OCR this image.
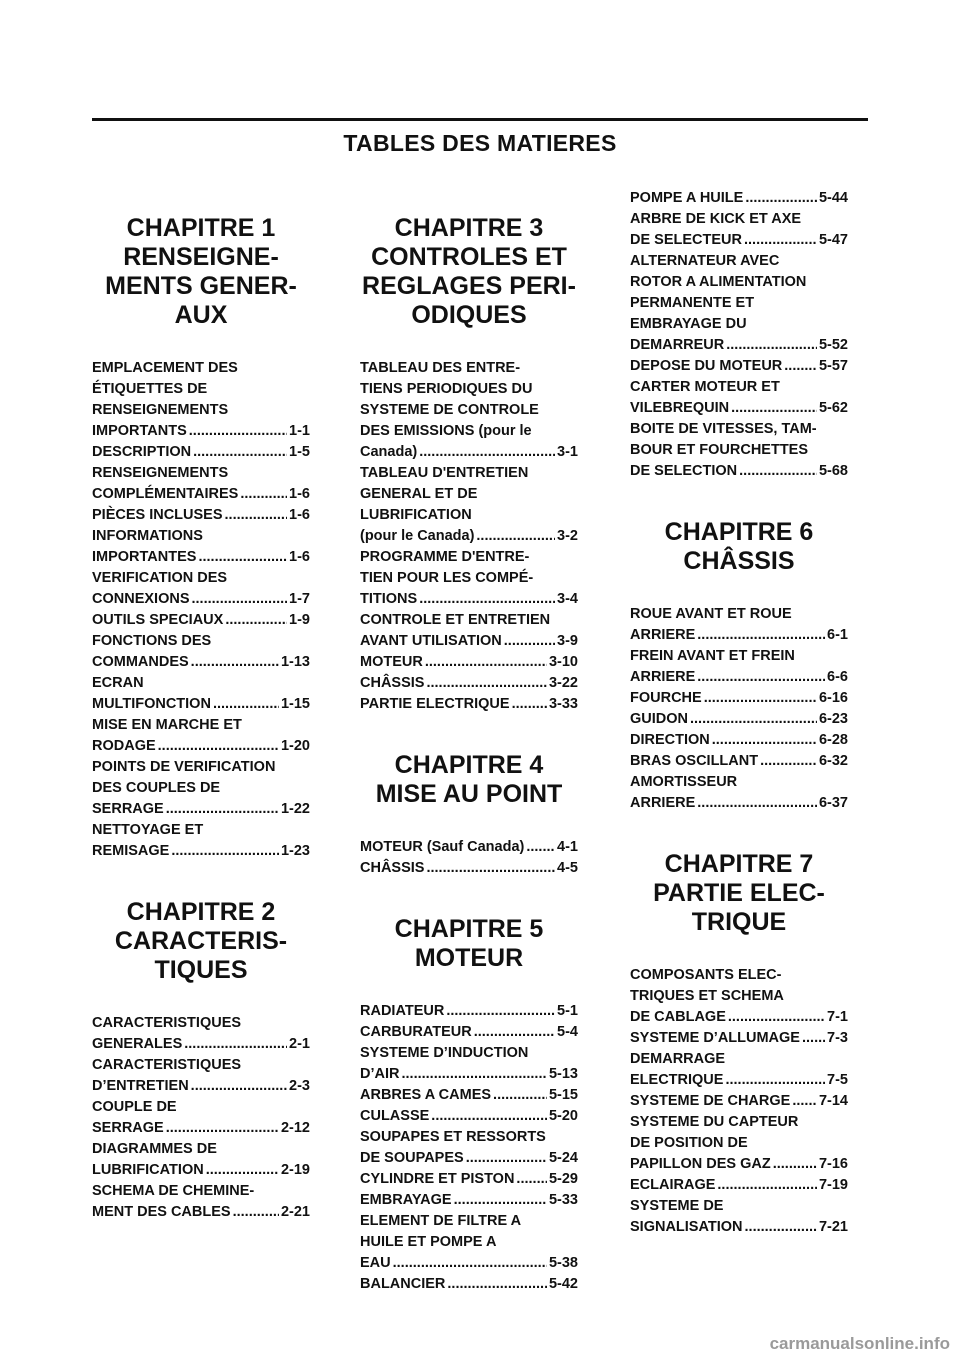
TABLES DES MATIERES
CHAPITRE 1
RENSEIGNE-
MENTS GENER-
AUX
EMPLACEMENT DES
ÉTIQUETTES DE
RENSEIGNEMENTS
IMPORTANTS .....	1-1
DESCRIPTION .....	1-5
RENSEIGNEMENTS
COMPLÉMENTAIRES .....	1-6
PIÈCES INCLUSES .....	1-6
INFORMATIONS
IMPORTANTES .....	1-6
VERIFICATION DES
CONNEXIONS .....	1-7
OUTILS SPECIAUX .....	1-9
FONCTIONS DES
COMMANDES .....	1-13
ECRAN
MULTIFONCTION .....	1-15
MISE EN MARCHE ET
RODAGE .....	1-20
POINTS DE VERIFICATION
DES COUPLES DE
SERRAGE .....	1-22
NETTOYAGE ET
REMISAGE .....	1-23
CHAPITRE 2
CARACTERIS-
TIQUES
CARACTERISTIQUES
GENERALES .....	2-1
CARACTERISTIQUES
D’ENTRETIEN .....	2-3
COUPLE DE
SERRAGE .....	2-12
DIAGRAMMES DE
LUBRIFICATION .....	2-19
SCHEMA DE CHEMINE-
MENT DES CABLES .....	2-21
CHAPITRE 3
CONTROLES ET
REGLAGES PERI-
ODIQUES
TABLEAU DES ENTRE-
TIENS PERIODIQUES DU
SYSTEME DE CONTROLE
DES EMISSIONS (pour le
Canada) .....	3-1
TABLEAU D'ENTRETIEN
GENERAL ET DE
LUBRIFICATION
(pour le Canada) .....	3-2
PROGRAMME D'ENTRE-
TIEN POUR LES COMPÉ-
TITIONS .....	3-4
CONTROLE ET ENTRETIEN
AVANT UTILISATION .....	3-9
MOTEUR .....	3-10
CHÂSSIS .....	3-22
PARTIE ELECTRIQUE .....	3-33
CHAPITRE 4
MISE AU POINT
MOTEUR (Sauf Canada) ..... 4-1
CHÂSSIS .....	4-5
CHAPITRE 5
MOTEUR
RADIATEUR .....	5-1
CARBURATEUR .....	5-4
SYSTEME D’INDUCTION
D’AIR .....	5-13
ARBRES A CAMES .....	5-15
CULASSE .....	5-20
SOUPAPES ET RESSORTS
DE SOUPAPES .....	5-24
CYLINDRE ET PISTON ..... 5-29
EMBRAYAGE .....	5-33
ELEMENT DE FILTRE A
HUILE ET POMPE A
EAU .....	5-38
BALANCIER .....	5-42
POMPE A HUILE .....	5-44
ARBRE DE KICK ET AXE
DE SELECTEUR .....	5-47
ALTERNATEUR AVEC
ROTOR A ALIMENTATION
PERMANENTE ET
EMBRAYAGE DU
DEMARREUR .....	5-52
DEPOSE DU MOTEUR .....	5-57
CARTER MOTEUR ET
VILEBREQUIN .....	5-62
BOITE DE VITESSES, TAM-
BOUR ET FOURCHETTES
DE SELECTION .....	5-68
CHAPITRE 6
CHÂSSIS
ROUE AVANT ET ROUE
ARRIERE .....	6-1
FREIN AVANT ET FREIN
ARRIERE .....	6-6
FOURCHE .....	6-16
GUIDON .....	6-23
DIRECTION .....	6-28
BRAS OSCILLANT .....	6-32
AMORTISSEUR
ARRIERE .....	6-37
CHAPITRE 7
PARTIE ELEC-
TRIQUE
COMPOSANTS ELEC-
TRIQUES ET SCHEMA
DE CABLAGE .....	7-1
SYSTEME D’ALLUMAGE ..... 7-3
DEMARRAGE
ELECTRIQUE .....	7-5
SYSTEME DE CHARGE ..... 7-14
SYSTEME DU CAPTEUR
DE POSITION DE
PAPILLON DES GAZ .....	7-16
ECLAIRAGE .....	7-19
SYSTEME DE
SIGNALISATION .....	7-21
carmanualsonline.info
